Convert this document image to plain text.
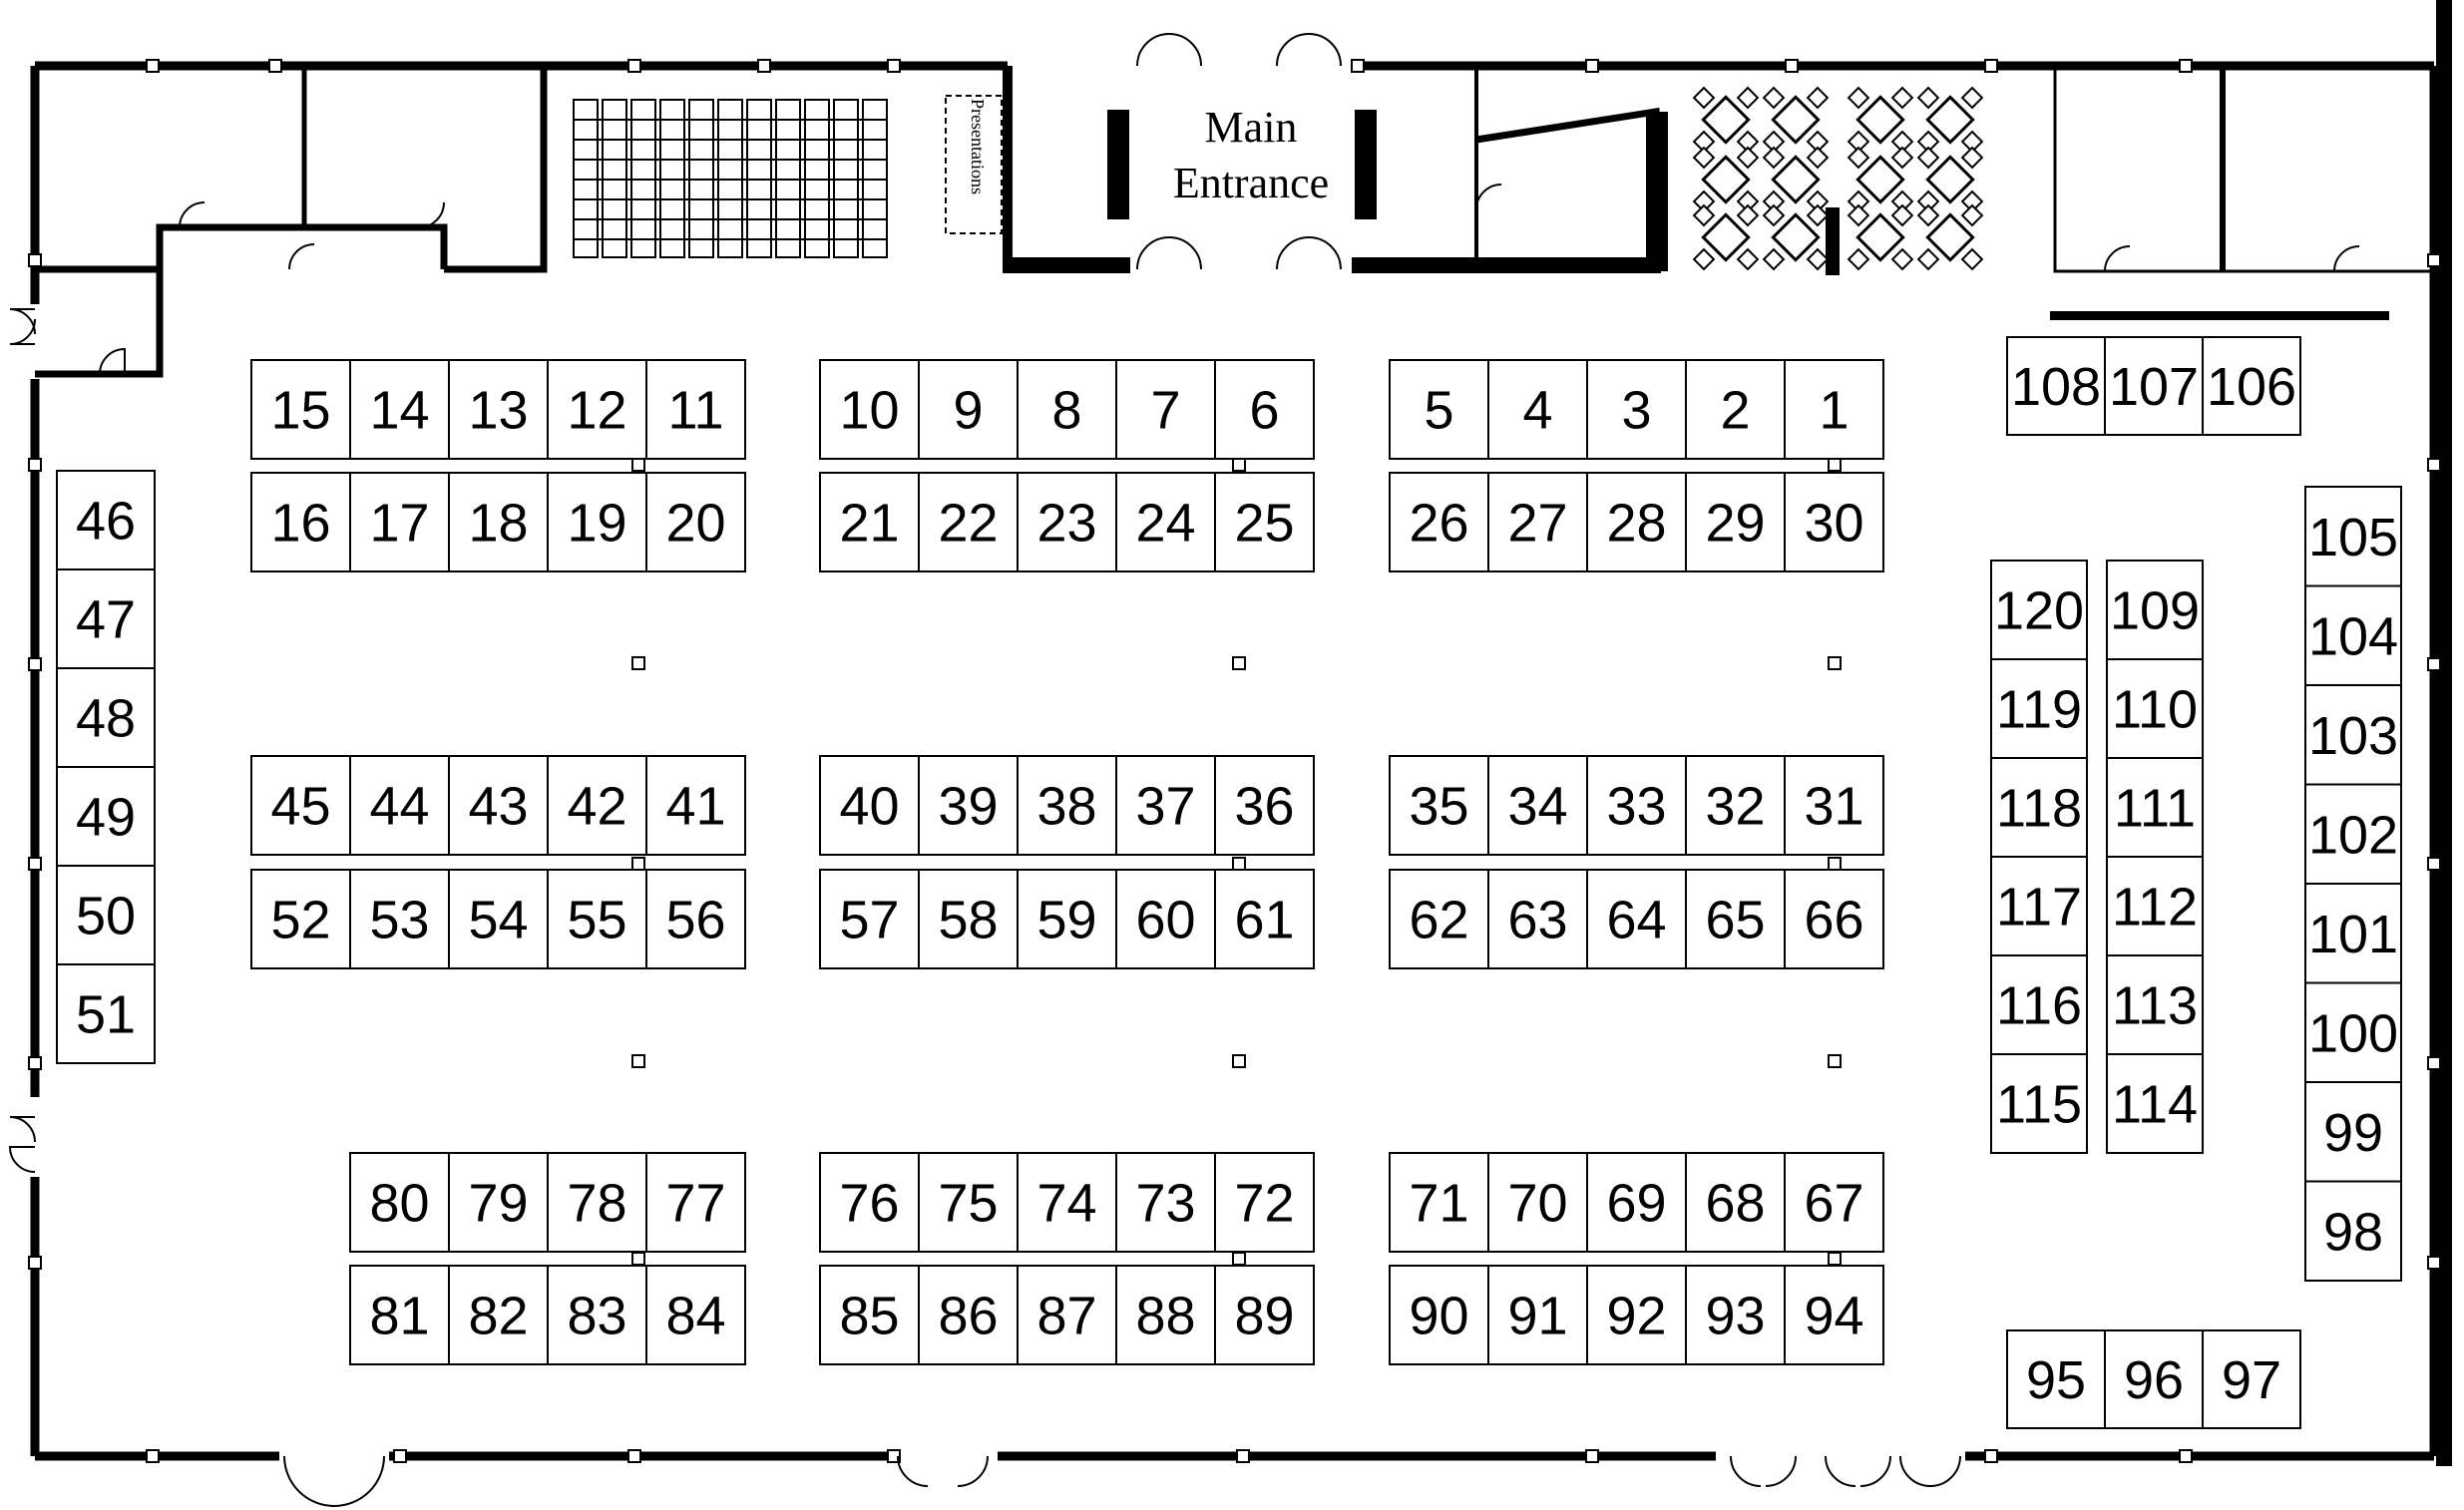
Presentations	Main
Entrance
15 14 13 12 11
16 17 18 19 20
10 9 8 7 6
21 22 23 24 25
5 4 3 2 1
26 27 28 29 30
45 44 43 42 41
52 53 54 55 56
40 39 38 37 36
57 58 59 60 61
35 34 33 32 31
62 63 64 65 66
80 79 78 77
81 82 83 84
76 75 74 73 72
85 86 87 88 89
71 70 69 68 67
90 91 92 93 94
46
47
48
49
50
51
120
119
118
117
116
115
109
110
111
112
113
114
105
104
103
102
101
100
99
98
108 107 106
95 96 97
